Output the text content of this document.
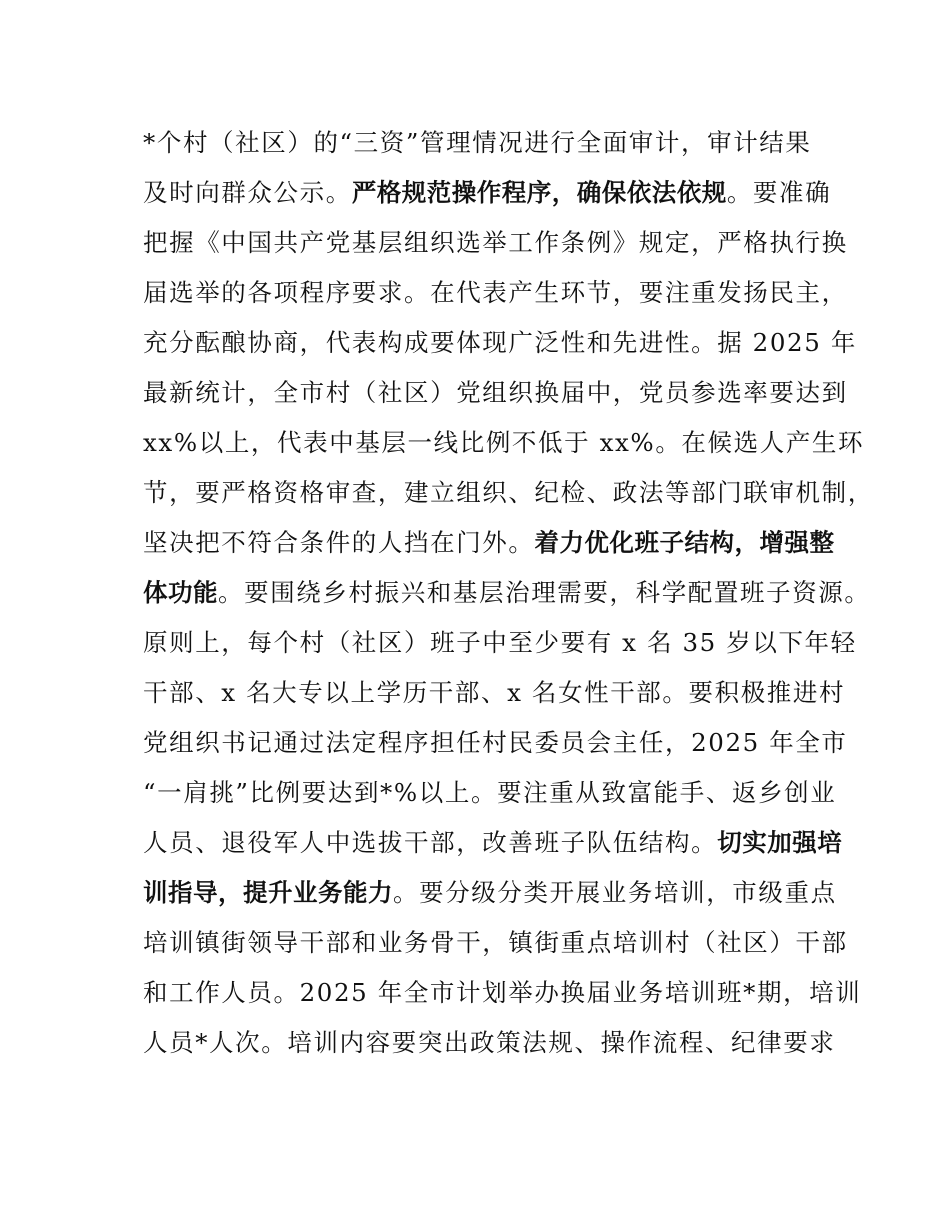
*个村（社区）的“三资”管理情况进行全面审计，审计结果
及时向群众公示。严格规范操作程序，确保依法依规。要准确
把握《中国共产党基层组织选举工作条例》规定，严格执行换
届选举的各项程序要求。在代表产生环节，要注重发扬民主，
充分酝酿协商，代表构成要体现广泛性和先进性。据 2025 年
最新统计，全市村（社区）党组织换届中，党员参选率要达到
xx%以上，代表中基层一线比例不低于 xx%。在候选人产生环
节，要严格资格审查，建立组织、纪检、政法等部门联审机制，
坚决把不符合条件的人挡在门外。着力优化班子结构，增强整
体功能。要围绕乡村振兴和基层治理需要，科学配置班子资源。
原则上，每个村（社区）班子中至少要有 x 名 35 岁以下年轻
干部、x 名大专以上学历干部、x 名女性干部。要积极推进村
党组织书记通过法定程序担任村民委员会主任，2025 年全市
“一肩挑”比例要达到*%以上。要注重从致富能手、返乡创业
人员、退役军人中选拔干部，改善班子队伍结构。切实加强培
训指导，提升业务能力。要分级分类开展业务培训，市级重点
培训镇街领导干部和业务骨干，镇街重点培训村（社区）干部
和工作人员。2025 年全市计划举办换届业务培训班*期，培训
人员*人次。培训内容要突出政策法规、操作流程、纪律要求
